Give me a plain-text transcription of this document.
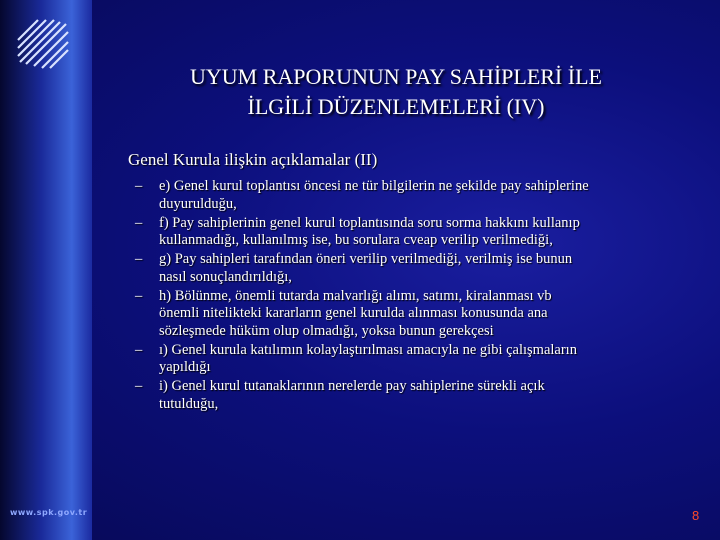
www.spk.gov.tr
UYUM RAPORUNUN PAY SAHİPLERİ İLE
İLGİLİ DÜZENLEMELERİ (IV)
Genel Kurula ilişkin açıklamalar (II)
– e) Genel kurul toplantısı öncesi ne tür bilgilerin ne şekilde pay sahiplerine
duyurulduğu,
– f) Pay sahiplerinin genel kurul toplantısında soru sorma hakkını kullanıp
kullanmadığı, kullanılmış ise, bu sorulara cveap verilip verilmediği,
– g) Pay sahipleri tarafından öneri verilip verilmediği, verilmiş ise bunun
nasıl sonuçlandırıldığı,
– h) Bölünme, önemli tutarda malvarlığı alımı, satımı, kiralanması vb
önemli nitelikteki kararların genel kurulda alınması konusunda ana
sözleşmede hüküm olup olmadığı, yoksa bunun gerekçesi
– ı) Genel kurula katılımın kolaylaştırılması amacıyla ne gibi çalışmaların
yapıldığı
– i) Genel kurul tutanaklarının nerelerde pay sahiplerine sürekli açık
tutulduğu,
8
